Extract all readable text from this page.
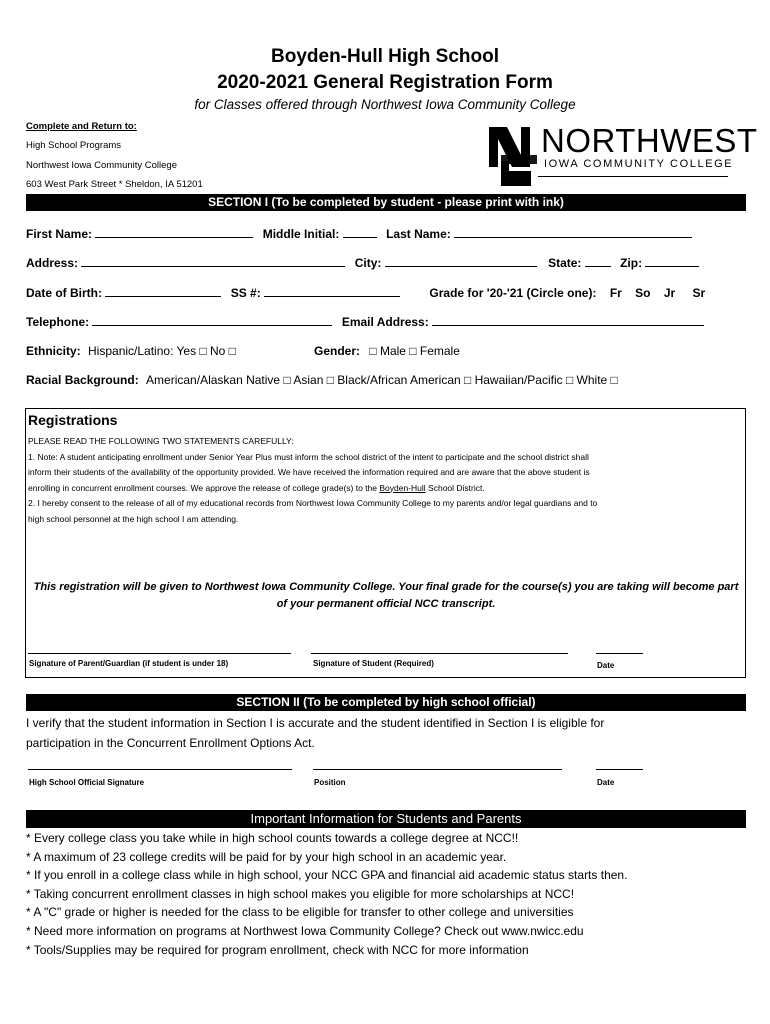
Boyden-Hull High School
2020-2021 General Registration Form
for Classes offered through Northwest Iowa Community College
Complete and Return to:
High School Programs
Northwest Iowa Community College
603 West Park Street * Sheldon, IA 51201
NORTHWEST
IOWA COMMUNITY COLLEGE
SECTION I (To be completed by student - please print with ink)
First Name:	Middle Initial:	Last Name:
Address:	City:	State:	Zip:
Date of Birth:	SS #:	Grade for '20-'21 (Circle one): Fr So Jr Sr
Telephone:	Email Address:
Ethnicity: Hispanic/Latino: Yes □ No □	Gender: □ Male □ Female
Racial Background: American/Alaskan Native □ Asian □ Black/African American □ Hawaiian/Pacific □ White □
Registrations
PLEASE READ THE FOLLOWING TWO STATEMENTS CAREFULLY:
1. Note: A student anticipating enrollment under Senior Year Plus must inform the school district of the intent to participate and the school district shall
inform their students of the availability of the opportunity provided. We have received the information required and are aware that the above student is
enrolling in concurrent enrollment courses. We approve the release of college grade(s) to the Boyden-Hull School District.
2. I hereby consent to the release of all of my educational records from Northwest Iowa Community College to my parents and/or legal guardians and to
high school personnel at the high school I am attending.
This registration will be given to Northwest Iowa Community College. Your final grade for the course(s) you are taking will become part
of your permanent official NCC transcript.
Signature of Parent/Guardian (if student is under 18)	Signature of Student (Required)	Date
SECTION II (To be completed by high school official)
I verify that the student information in Section I is accurate and the student identified in Section I is eligible for
participation in the Concurrent Enrollment Options Act.
High School Official Signature	Position	Date
Important Information for Students and Parents
* Every college class you take while in high school counts towards a college degree at NCC!!
* A maximum of 23 college credits will be paid for by your high school in an academic year.
* If you enroll in a college class while in high school, your NCC GPA and financial aid academic status starts then.
* Taking concurrent enrollment classes in high school makes you eligible for more scholarships at NCC!
* A "C" grade or higher is needed for the class to be eligible for transfer to other college and universities
* Need more information on programs at Northwest Iowa Community College? Check out www.nwicc.edu
* Tools/Supplies may be required for program enrollment, check with NCC for more information
